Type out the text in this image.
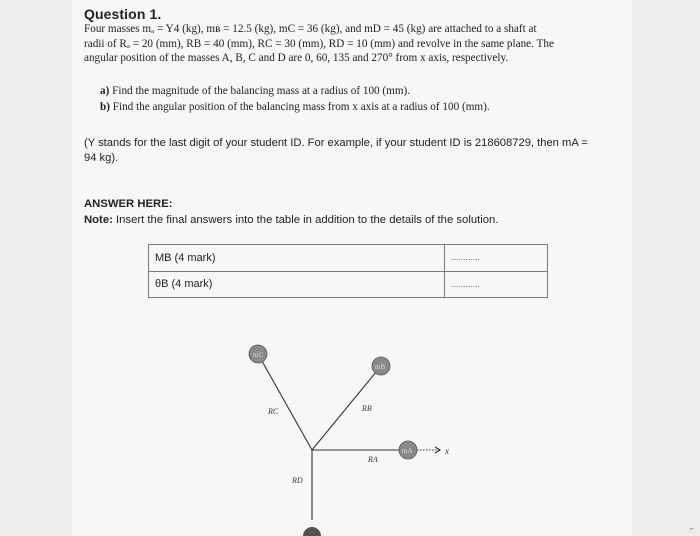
Question 1.
Four masses mₐ = Y4 (kg), mʙ = 12.5 (kg), mC = 36 (kg), and mD = 45 (kg) are attached to a shaft at
radii of Rₐ = 20 (mm), RB = 40 (mm), RC = 30 (mm), RD = 10 (mm) and revolve in the same plane. The
angular position of the masses A, B, C and D are 0, 60, 135 and 270° from x axis, respectively.
a) Find the magnitude of the balancing mass at a radius of 100 (mm).
b) Find the angular position of the balancing mass from x axis at a radius of 100 (mm).
(Y stands for the last digit of your student ID. For example, if your student ID is 218608729, then mA =
94 kg).
ANSWER HERE:
Note: Insert the final answers into the table in addition to the details of the solution.
MB (4 mark)	............
θB (4 mark)	............
mC
mB
mA
RC	RB
RA
RD
x
⌐
